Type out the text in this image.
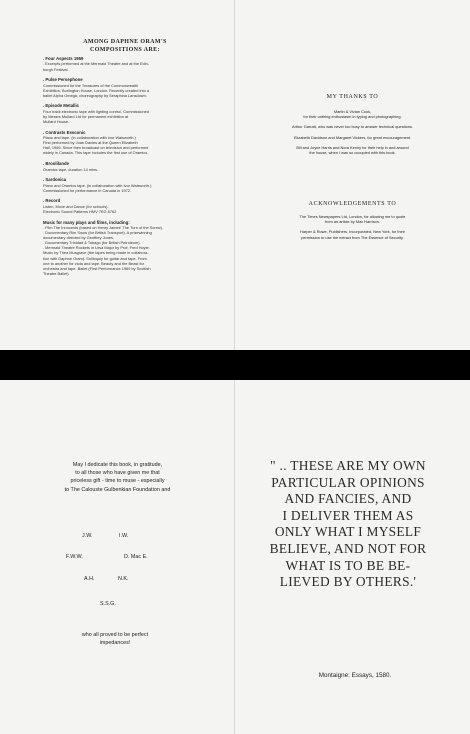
AMONG DAPHNE ORAM'S
COMPOSITIONS ARE:
. Four Aspects 1959
. Excerpts performed at the Mermaid Theatre and at the Edin-
burgh Festival.
. Pulse Persephone
Commissioned for the Treasures of the Commonwealth
Exhibition, Burlington House, London. Recently created into a
ballet Alpha Omega, choreography by Seraphina Lansdown.
. Episode Metallic
Four track electronic tape with lighting control. Commissioned
by Messrs Mullard Ltd for permanent exhibition at
Mullard House.
. Contrasts Essconic
Piano and tape. (in collaboration with Ivor Walsworth.)
First performed by Joan Davies at the Queen Elizabeth
Hall, 1969. Since then broadcast on television and performed
widely in Canada. This tape includes the first use of Oramics.
. Broolilande
Oramics tape, duration 14 mins.
. Sardonica
Piano and Oramics tape. (in collaboration with Ivor Walsworth.)
Commissioned for performance in Canada in 1972.
. Record
Listen, Move and Dance (for schools).
Electronic Sound Patterns HMV 7EG 8762
Music for many plays and films, including:
. Film The Innocents (based on Henry James' The Turn of the Screw).
. Documentary Rim Snow (for British Transport). A prizewinning
documentary directed by Geoffrey Jones.
. Documentary Trinidad & Tobago (for British Petroleum).
. Mermaid Theatre Rockets in Ursa Major by Prof. Fred Hoyle.
Music by Thea Musgrave (the tapes being made in collabora-
tion with Daphne Oram). Sollioquiy for guitar and tape. From
one to another for viola and tape. Beauty and the Beast for
orchestra and tape. Ballet (First Performance 1969 by Scottish
Theatre Ballet).
MY THANKS TO
Martin & Vivian Cook,
for their untiring enthusiasm in typing and photographing.
Arthur Garratt, who was never too busy to answer technical questions.
Elizabeth Davidson and Margaret Vickers, for great encouragement.
Bill and Joyce Harris and Nora Kenny for their help in and around
the house, when I was so occupied with this book.
ACKNOWLEDGEMENTS TO
The Times Newspapers Ltd, London, for allowing me to quote
from an article by Max Harrison.
Harper & Rowe, Publishers, Incorporated, New York, for their
permission to use the extract from The Essence of Security.
May I dedicate this book, in gratitude,
to all those who have given me that
priceless gift - time to muse - especially
to The Calouste Gulbenkian Foundation and
J.W.	I.W.
F.W.W.	D. Mac E.
A.H.	N.K.
S.S.G.
who all proved to be perfect
impedances!
" .. THESE ARE MY OWN
PARTICULAR OPINIONS
AND FANCIES, AND
I DELIVER THEM AS
ONLY WHAT I MYSELF
BELIEVE, AND NOT FOR
WHAT IS TO BE BE-
LIEVED BY OTHERS.'
Montaigne: Essays, 1580.
